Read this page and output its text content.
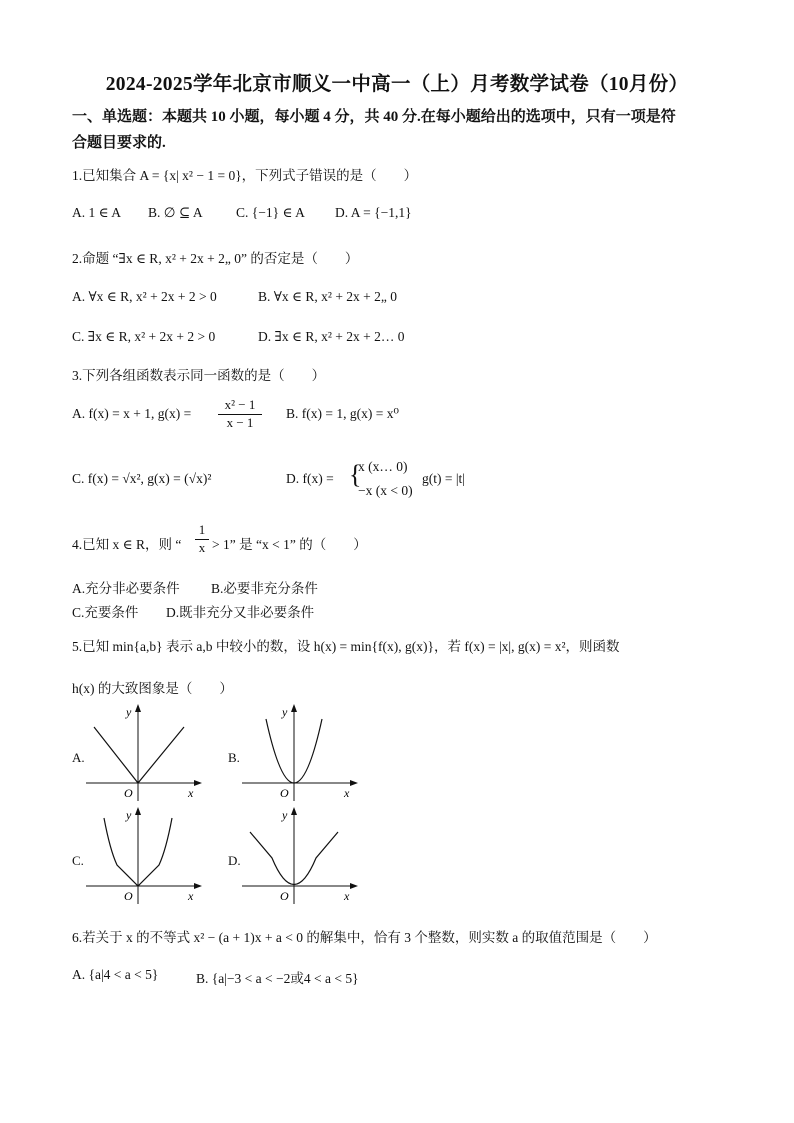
2024-2025学年北京市顺义一中高一（上）月考数学试卷（10月份）
一、单选题：本题共 10 小题，每小题 4 分，共 40 分.在每小题给出的选项中，只有一项是符
合题目要求的.
1.已知集合 A = {x| x² − 1 = 0}，下列式子错误的是（　　）
A. 1 ∈ A B. ∅ ⊆ A C. {−1} ∈ A D. A = {−1,1}
2.命题 “∃x ∈ R, x² + 2x + 2„ 0” 的否定是（　　）
A. ∀x ∈ R, x² + 2x + 2 > 0	B. ∀x ∈ R, x² + 2x + 2„ 0
C. ∃x ∈ R, x² + 2x + 2 > 0	D. ∃x ∈ R, x² + 2x + 2… 0
3.下列各组函数表示同一函数的是（　　）
A. f(x) = x + 1, $g(x) = \frac{\text{x² − 1}}{x - 1} B$. f(x) = 1, g(x) = x⁰
C. f(x) = √x², g(x) = (√x)²	D. f(x) = {
x (x… 0)
−x (x < 0)
g(t) = |t|
4.已知 x ∈ R，则 “ $\frac{1}{x} > 1$” 是 “x < 1” 的（　　）
A.充分非必要条件 B.必要非充分条件
C.充要条件 D.既非充分又非必要条件
5.已知 min{a,b} 表示 a,b 中较小的数，设 h(x) = min{f(x), g(x)}，若 f(x) = |x|, g(x) = x²，则函数
h(x) 的大致图象是（　　）
A.
O	x
y
B.
O	x
y
C.
O	x
y
D.
O	x
y
6.若关于 x 的不等式 x² − (a + 1)x + a < 0 的解集中，恰有 3 个整数，则实数 a 的取值范围是（　　）
A. {a|4 < a < 5}	B. {a|−3 < a < −2或4 < a < 5}
